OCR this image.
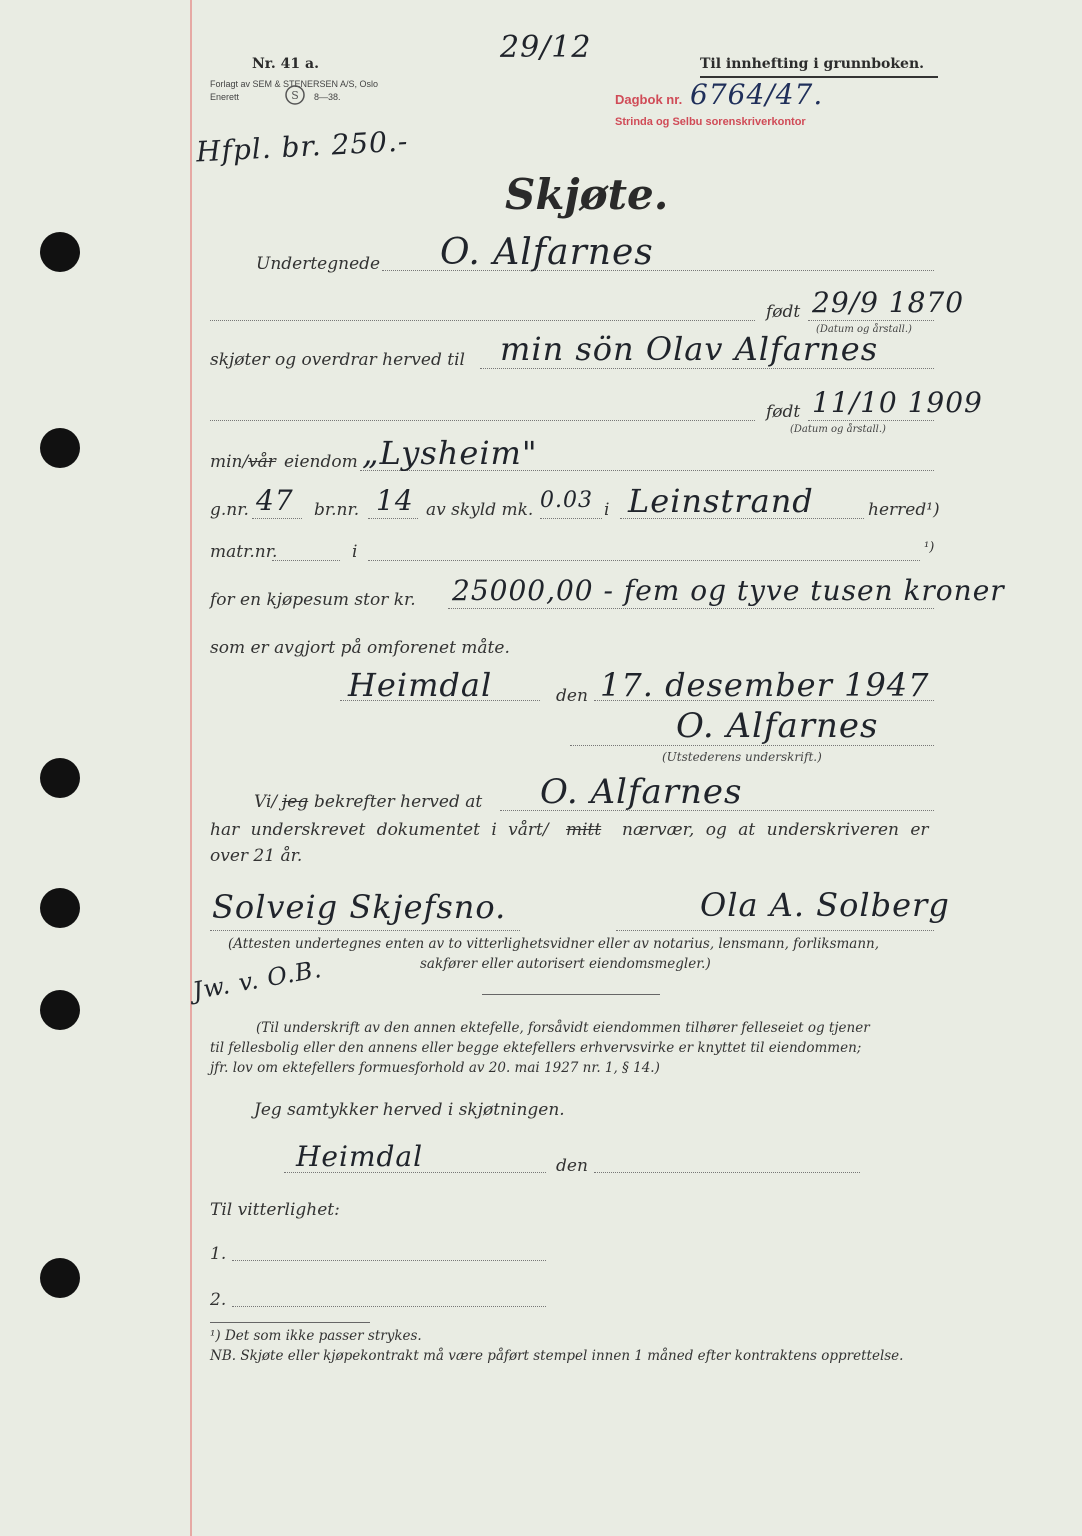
Nr. 41 a.
Forlagt av SEM & STENERSEN A/S, Oslo
Enerett	S 8—38.
29/12	Til innhefting i grunnboken.
Dagbok nr. 6764/47.
Strinda og Selbu sorenskriverkontor
Hfpl. br. 250.-
Skjøte.
Undertegnede O. Alfarnes
født 29/9 1870
(Datum og årstall.)
skjøter og overdrar herved til min sön Olav Alfarnes
født 11/10 1909
(Datum og årstall.)
min/ vår eiendom „Lysheim"
g.nr. 47 br.nr. 14 av skyld mk. 0.03 i Leinstrand	herred¹)
matr.nr.	i	¹)
for en kjøpesum stor kr. 25000,00 - fem og tyve tusen kroner
som er avgjort på omforenet måte.
Heimdal	den 17. desember 1947
O. Alfarnes
(Utstederens underskrift.)
Vi/ jeg bekrefter herved at O. Alfarnes
har underskrevet dokumentet i vårt/ mitt nærvær, og at underskriveren er
over 21 år.
Solveig Skjefsno.	Ola A. Solberg
(Attesten undertegnes enten av to vitterlighetsvidner eller av notarius, lensmann, forliksmann,
sakfører eller autorisert eiendomsmegler.)
Jw. v. O.B.
(Til underskrift av den annen ektefelle, forsåvidt eiendommen tilhører felleseiet og tjener
til fellesbolig eller den annens eller begge ektefellers erhvervsvirke er knyttet til eiendommen;
jfr. lov om ektefellers formuesforhold av 20. mai 1927 nr. 1, § 14.)
Jeg samtykker herved i skjøtningen.
Heimdal	den
Til vitterlighet:
1.
2.
¹) Det som ikke passer strykes.
NB. Skjøte eller kjøpekontrakt må være påført stempel innen 1 måned efter kontraktens opprettelse.
